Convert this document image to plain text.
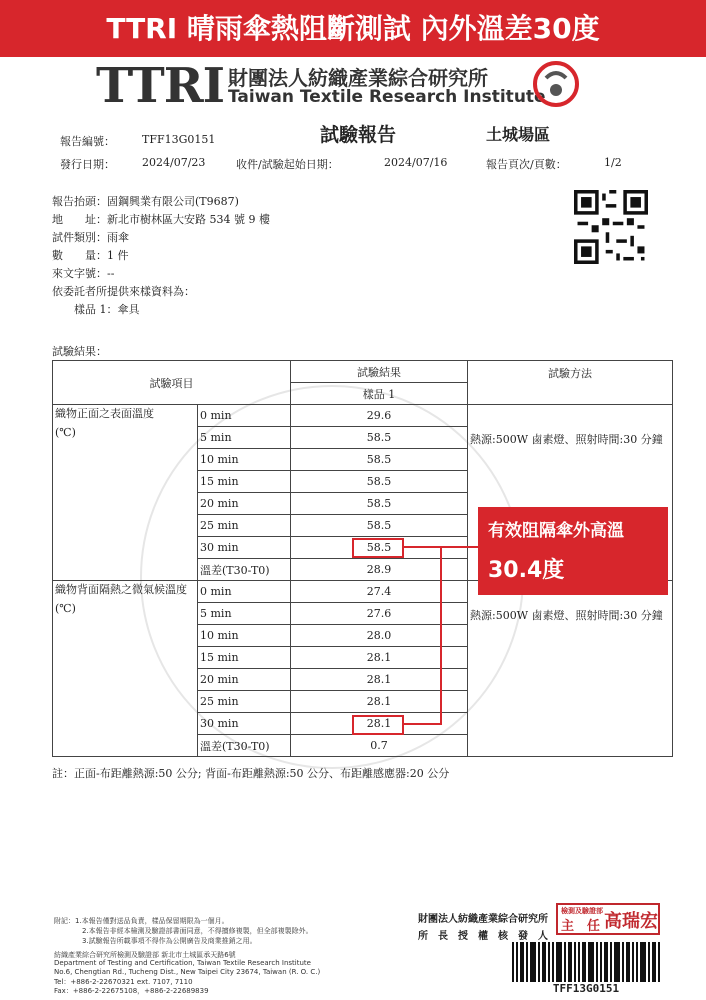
TTRI 晴雨傘熱阻斷測試 內外溫差30度
TTRI 財團法人紡織產業綜合研究所
Taiwan Textile Research Institute
試驗報告	土城場區
報告編號： TFF13G0151
發行日期： 2024/07/23	收件/試驗起始日期：	2024/07/16	報告頁次/頁數：	1/2
報告抬頭：固鋼興業有限公司(T9687)
地　　址：新北市樹林區大安路 534 號 9 樓
試件類別：雨傘
數　　量：1 件
來文字號：--
依委託者所提供來樣資料為：
樣品 1：傘具
試驗結果：
試驗項目		試驗結果	試驗方法
		樣品 1	

織物正面之表面溫度
(℃)	0 min	29.6	熱源:500W 鹵素燈、照射時間:30 分鐘

	5 min	58.5	
	10 min	58.5	
	15 min	58.5	
	20 min	58.5	
	25 min	58.5	
	30 min	58.5	
	溫差(T30-T0)	28.9	

織物背面隔熱之微氣候溫度
(℃)	0 min	27.4	熱源:500W 鹵素燈、照射時間:30 分鐘

	5 min	27.6	
	10 min	28.0	
	15 min	28.1	
	20 min	28.1	
	25 min	28.1	
	30 min	28.1	
	溫差(T30-T0)	0.7	
有效阻隔傘外高溫
30.4度
註：正面-布距離熱源:50 公分; 背面-布距離熱源:50 公分、布距離感應器:20 公分
附記：1.本報告僅對送品負責，樣品保留期限為一個月。
2.本報告非經本檢測及驗證部書面同意，不得擅修複製，但全部複製除外。
3.試驗報告所載事項不得作為公開廣告及商業推銷之用。
紡織產業綜合研究所檢測及驗證部 新北市土城區承天路6號
Department of Testing and Certification, Taiwan Textile Research Institute
No.6, Chengtian Rd., Tucheng Dist., New Taipei City 23674, Taiwan (R. O. C.)
Tel：+886-2-22670321 ext. 7107, 7110
Fax：+886-2-22675108，+886-2-22689839
財團法人紡織產業綜合研究所
所　長　授　權　核　發　人
檢測及驗證部
主　任 高瑞宏
TFF13G0151
